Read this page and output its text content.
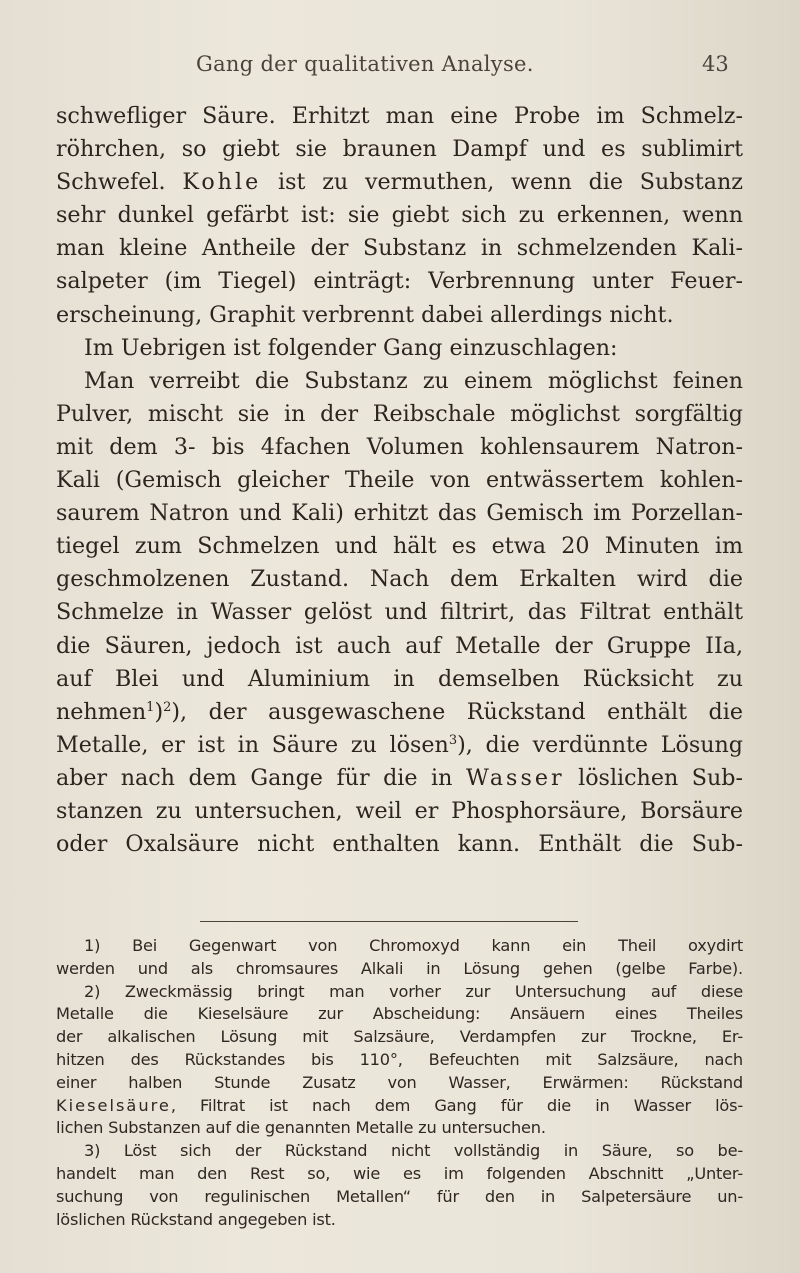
Gang der qualitativen Analyse.	43
schwefliger Säure. Erhitzt man eine Probe im Schmelz-
röhrchen, so giebt sie braunen Dampf und es sublimirt
Schwefel. Kohle ist zu vermuthen, wenn die Substanz
sehr dunkel gefärbt ist: sie giebt sich zu erkennen, wenn
man kleine Antheile der Substanz in schmelzenden Kali-
salpeter (im Tiegel) einträgt: Verbrennung unter Feuer-
erscheinung, Graphit verbrennt dabei allerdings nicht.
Im Uebrigen ist folgender Gang einzuschlagen:
Man verreibt die Substanz zu einem möglichst feinen
Pulver, mischt sie in der Reibschale möglichst sorgfältig
mit dem 3- bis 4fachen Volumen kohlensaurem Natron-
Kali (Gemisch gleicher Theile von entwässertem kohlen-
saurem Natron und Kali) erhitzt das Gemisch im Porzellan-
tiegel zum Schmelzen und hält es etwa 20 Minuten im
geschmolzenen Zustand. Nach dem Erkalten wird die
Schmelze in Wasser gelöst und filtrirt, das Filtrat enthält
die Säuren, jedoch ist auch auf Metalle der Gruppe IIa,
auf Blei und Aluminium in demselben Rücksicht zu
nehmen$^1$)$^2$), der ausgewaschene Rückstand enthält die
Metalle, er ist in Säure zu lösen$^3$), die verdünnte Lösung
aber nach dem Gange für die in Wasser löslichen Sub-
stanzen zu untersuchen, weil er Phosphorsäure, Borsäure
oder Oxalsäure nicht enthalten kann. Enthält die Sub-
1) Bei Gegenwart von Chromoxyd kann ein Theil oxydirt
werden und als chromsaures Alkali in Lösung gehen (gelbe Farbe).
2) Zweckmässig bringt man vorher zur Untersuchung auf diese
Metalle die Kieselsäure zur Abscheidung: Ansäuern eines Theiles
der alkalischen Lösung mit Salzsäure, Verdampfen zur Trockne, Er-
hitzen des Rückstandes bis 110°, Befeuchten mit Salzsäure, nach
einer halben Stunde Zusatz von Wasser, Erwärmen: Rückstand
Kieselsäure, Filtrat ist nach dem Gang für die in Wasser lös-
lichen Substanzen auf die genannten Metalle zu untersuchen.
3) Löst sich der Rückstand nicht vollständig in Säure, so be-
handelt man den Rest so, wie es im folgenden Abschnitt „Unter-
suchung von regulinischen Metallen“ für den in Salpetersäure un-
löslichen Rückstand angegeben ist.
